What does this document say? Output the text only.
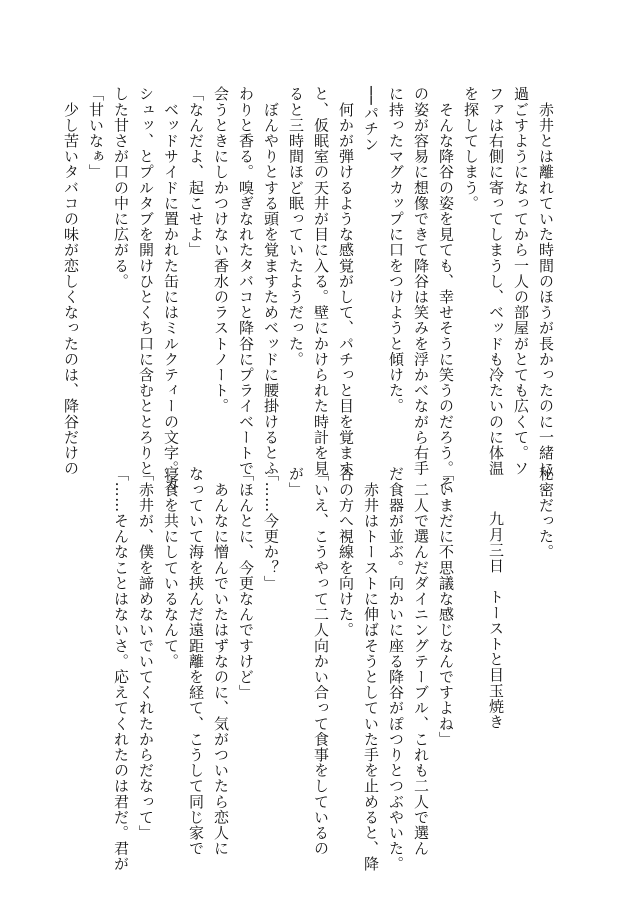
　赤井とは離れていた時間のほうが長かったのに一緒に
過ごすようになってから一人の部屋がとても広くて。ソ
ファは右側に寄ってしまうし、ベッドも冷たいのに体温
を探してしまう。
　そんな降谷の姿を見ても、幸せそうに笑うのだろう。そ
の姿が容易に想像できて降谷は笑みを浮かべながら右手
に持ったマグカップに口をつけようと傾けた。
──パチン
　何かが弾けるような感覚がして、パチっと目を覚ます
と、仮眠室の天井が目に入る。壁にかけられた時計を見
ると三時間ほど眠っていたようだった。
　ぼんやりとする頭を覚ますためベッドに腰掛けるとふ
わりと香る。嗅ぎなれたタバコと降谷にプライベートで
会うときにしかつけない香水のラストノート。
「なんだよ、起こせよ」
　ベッドサイドに置かれた缶にはミルクティーの文字。カ
シュッ、とプルタブを開けひとくち口に含むととろりと
した甘さが口の中に広がる。
「甘いなぁ」
　少し苦いタバコの味が恋しくなったのは、降谷だけの
秘密だった。
九月三日　トーストと目玉焼き
「いまだに不思議な感じなんですよね」
　二人で選んだダイニングテーブル、これも二人で選ん
だ食器が並ぶ。向かいに座る降谷がぽつりとつぶやいた。
　赤井はトーストに伸ばそうとしていた手を止めると、降
谷の方へ視線を向けた。
「いえ、こうやって二人向かい合って食事をしているの
が」
「……今更か？」
「ほんとに、今更なんですけど」
　あんなに憎んでいたはずなのに、気がついたら恋人に
なっていて海を挟んだ遠距離を経て、こうして同じ家で
寝食を共にしているなんて。
「赤井が、僕を諦めないでいてくれたからだなって」
「……そんなことはないさ。応えてくれたのは君だ。君が
